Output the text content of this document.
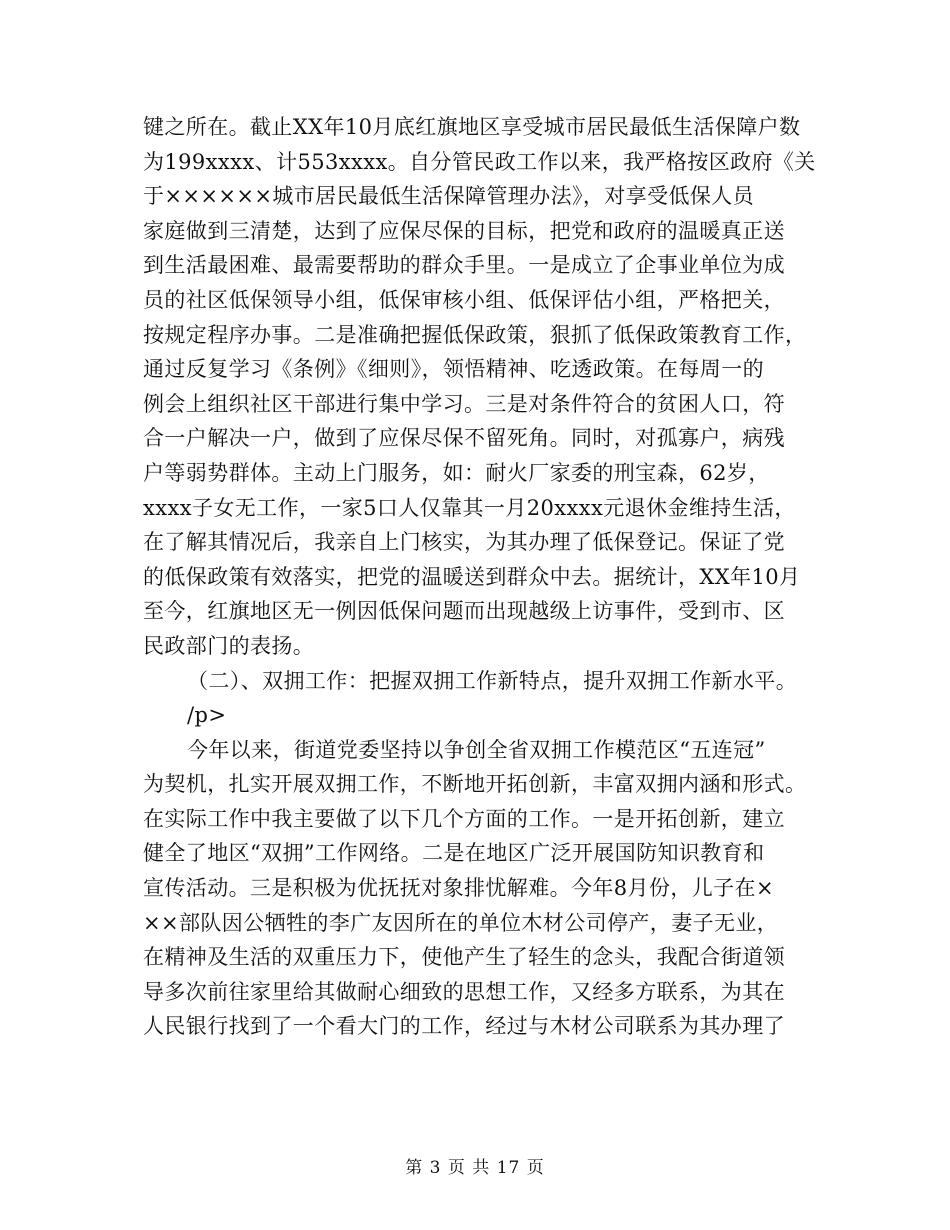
键之所在。截止XX年10月底红旗地区享受城市居民最低生活保障户数
为199xxxx、计553xxxx。自分管民政工作以来，我严格按区政府《关
于××××××城市居民最低生活保障管理办法》，对享受低保人员
家庭做到三清楚，达到了应保尽保的目标，把党和政府的温暖真正送
到生活最困难、最需要帮助的群众手里。一是成立了企事业单位为成
员的社区低保领导小组，低保审核小组、低保评估小组，严格把关，
按规定程序办事。二是准确把握低保政策，狠抓了低保政策教育工作，
通过反复学习《条例》《细则》，领悟精神、吃透政策。在每周一的
例会上组织社区干部进行集中学习。三是对条件符合的贫困人口，符
合一户解决一户，做到了应保尽保不留死角。同时，对孤寡户，病残
户等弱势群体。主动上门服务，如：耐火厂家委的刑宝森，62岁，
xxxx子女无工作，一家5口人仅靠其一月20xxxx元退休金维持生活，
在了解其情况后，我亲自上门核实，为其办理了低保登记。保证了党
的低保政策有效落实，把党的温暖送到群众中去。据统计，XX年10月
至今，红旗地区无一例因低保问题而出现越级上访事件，受到市、区
民政部门的表扬。
（二）、双拥工作：把握双拥工作新特点，提升双拥工作新水平。
/p>
今年以来，街道党委坚持以争创全省双拥工作模范区“五连冠”
为契机，扎实开展双拥工作，不断地开拓创新，丰富双拥内涵和形式。
在实际工作中我主要做了以下几个方面的工作。一是开拓创新，建立
健全了地区“双拥”工作网络。二是在地区广泛开展国防知识教育和
宣传活动。三是积极为优抚抚对象排忧解难。今年8月份，儿子在×
××部队因公牺牲的李广友因所在的单位木材公司停产，妻子无业，
在精神及生活的双重压力下，使他产生了轻生的念头，我配合街道领
导多次前往家里给其做耐心细致的思想工作，又经多方联系，为其在
人民银行找到了一个看大门的工作，经过与木材公司联系为其办理了
第 3 页 共 17 页
